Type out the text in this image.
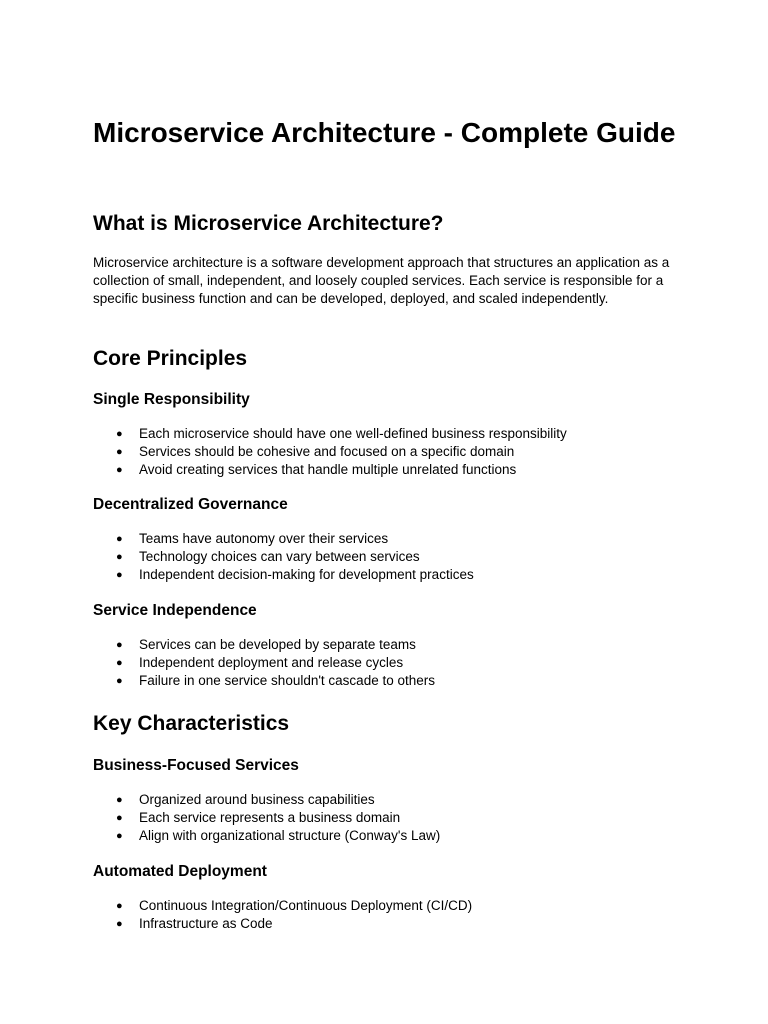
Microservice Architecture - Complete Guide
What is Microservice Architecture?

Microservice architecture is a software development approach that structures an application as a collection of small, independent, and loosely coupled services. Each service is responsible for a specific business function and can be developed, deployed, and scaled independently.

Core Principles
Single Responsibility
● Each microservice should have one well-defined business responsibility
● Services should be cohesive and focused on a specific domain
● Avoid creating services that handle multiple unrelated functions
Decentralized Governance
● Teams have autonomy over their services
● Technology choices can vary between services
● Independent decision-making for development practices
Service Independence
● Services can be developed by separate teams
● Independent deployment and release cycles
● Failure in one service shouldn't cascade to others
Key Characteristics
Business-Focused Services
● Organized around business capabilities
● Each service represents a business domain
● Align with organizational structure (Conway's Law)
Automated Deployment
● Continuous Integration/Continuous Deployment (CI/CD)
● Infrastructure as Code
